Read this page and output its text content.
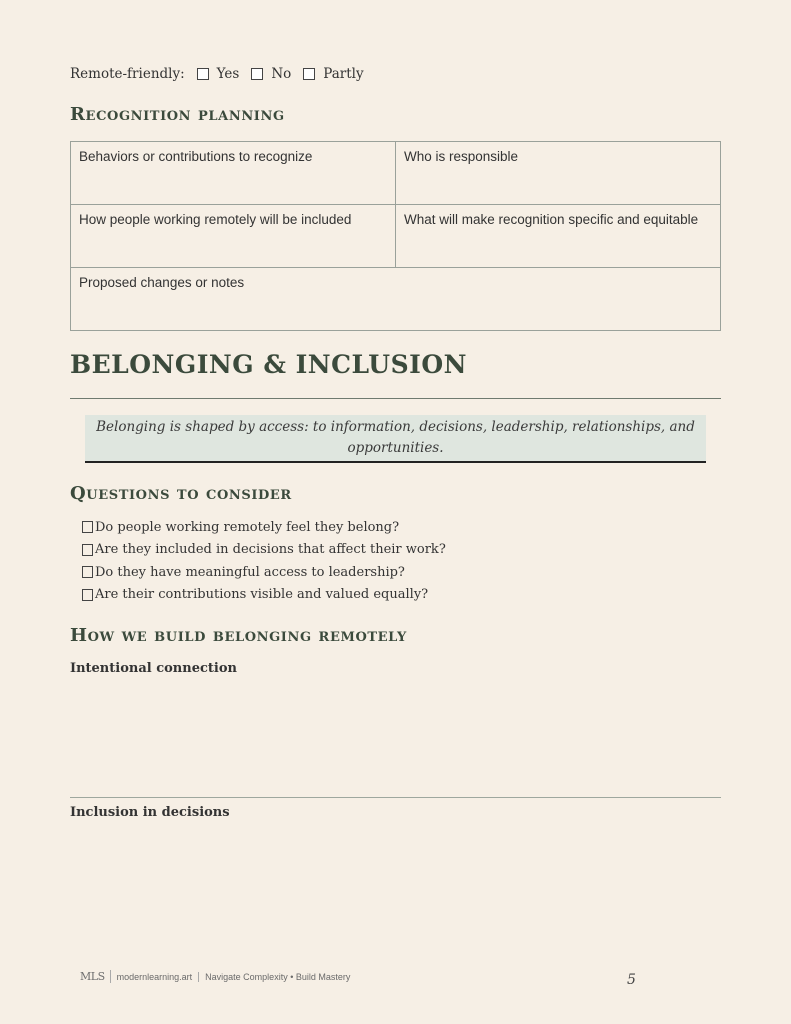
Remote-friendly: Yes No Partly
Recognition planning
Behaviors or contributions to recognize	Who is responsible
How people working remotely will be included	What will make recognition specific and equitable
Proposed changes or notes	
BELONGING & INCLUSION
Belonging is shaped by access: to information, decisions, leadership, relationships, and opportunities.
Questions to consider
Do people working remotely feel they belong?
Are they included in decisions that affect their work?
Do they have meaningful access to leadership?
Are their contributions visible and valued equally?
How we build belonging remotely
Intentional connection
Inclusion in decisions
MLS	modernlearning.art	Navigate Complexity • Build Mastery	5
